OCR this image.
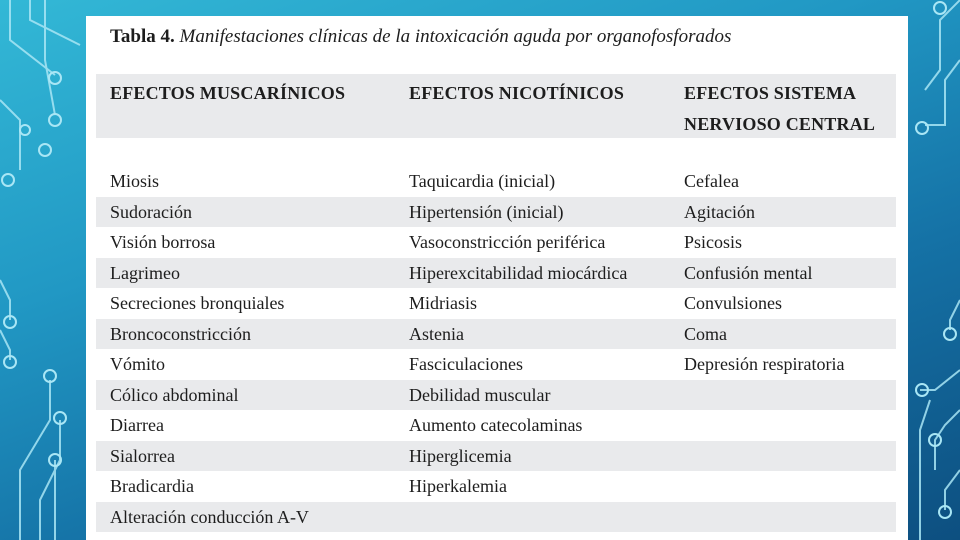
Tabla 4. Manifestaciones clínicas de la intoxicación aguda por organofosforados
EFECTOS MUSCARÍNICOS	EFECTOS NICOTÍNICOS	EFECTOS SISTEMA NERVIOSO CENTRAL
Miosis	Taquicardia (inicial)	Cefalea
Sudoración	Hipertensión (inicial)	Agitación
Visión borrosa	Vasoconstricción periférica	Psicosis
Lagrimeo	Hiperexcitabilidad miocárdica	Confusión mental
Secreciones bronquiales	Midriasis	Convulsiones
Broncoconstricción	Astenia	Coma
Vómito	Fasciculaciones	Depresión respiratoria
Cólico abdominal	Debilidad muscular
Diarrea	Aumento catecolaminas
Sialorrea	Hiperglicemia
Bradicardia	Hiperkalemia
Alteración conducción A-V
